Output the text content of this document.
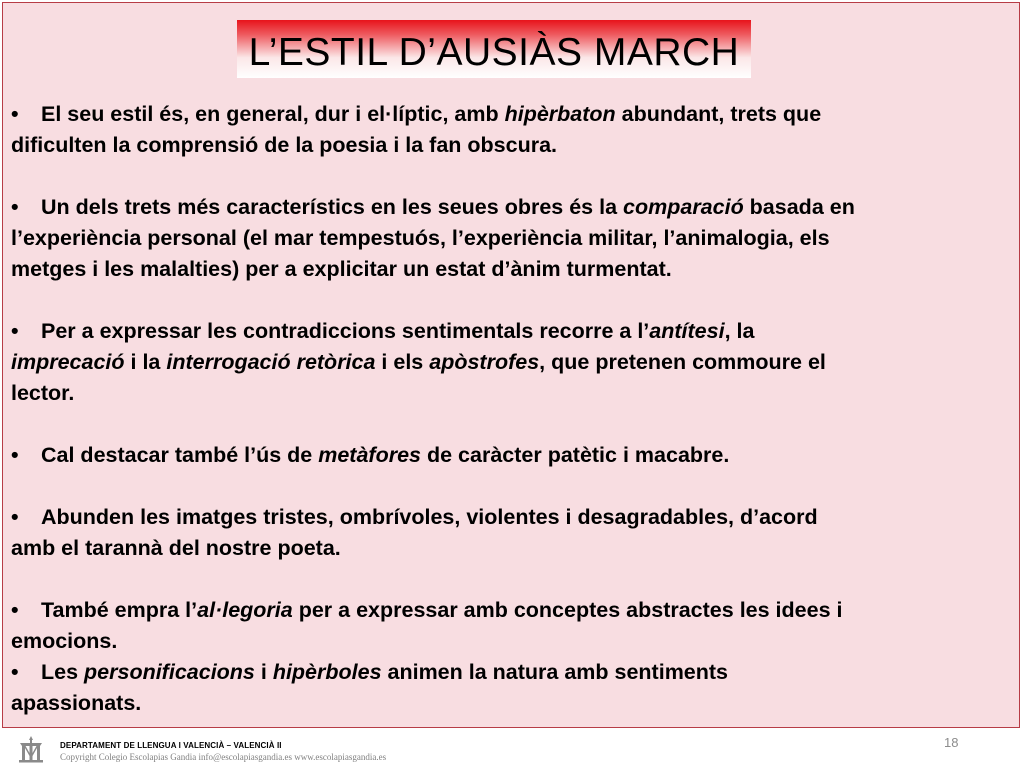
L’ESTIL D’AUSIÀS MARCH

• El seu estil és, en general, dur i el·líptic, amb hipèrbaton abundant, trets que
dificulten la comprensió de la poesia i la fan obscura.

• Un dels trets més característics en les seues obres és la comparació basada en
l’experiència personal (el mar tempestuós, l’experiència militar, l’animalogia, els
metges i les malalties) per a explicitar un estat d’ànim turmentat.

• Per a expressar les contradiccions sentimentals recorre a l’antítesi, la
imprecació i la interrogació retòrica i els apòstrofes, que pretenen commoure el
lector.

• Cal destacar també l’ús de metàfores de caràcter patètic i macabre.

• Abunden les imatges tristes, ombrívoles, violentes i desagradables, d’acord
amb el tarannà del nostre poeta.

• També empra l’al·legoria per a expressar amb conceptes abstractes les idees i
emocions.

• Les personificacions i hipèrboles animen la natura amb sentiments
apassionats.

DEPARTAMENT DE LLENGUA I VALENCIÀ – VALENCIÀ II
Copyright Colegio Escolapias Gandia info@escolapiasgandia.es www.escolapiasgandia.es
18
